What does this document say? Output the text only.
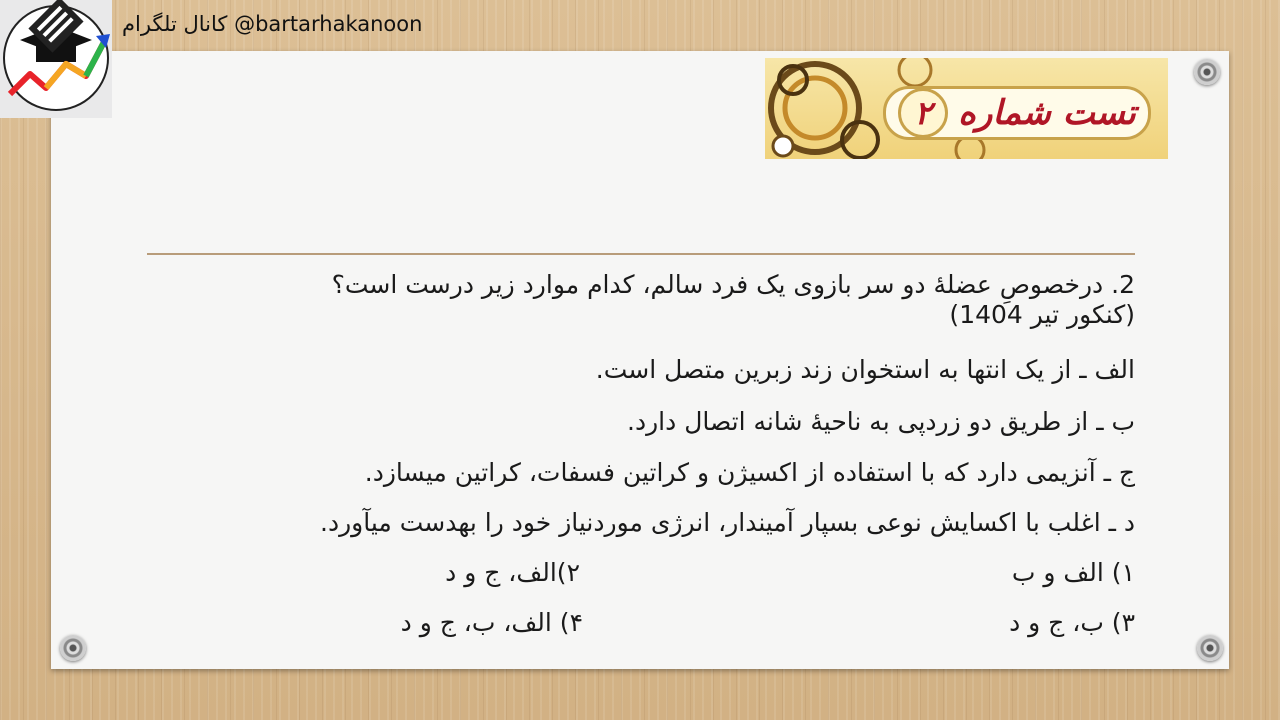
کانال تلگرام @bartarhakanoon
تست شماره
۲
2. درخصوصِ عضلهٔ دو سر بازوی یک فرد سالم، کدام موارد زیر درست است؟(کنکور تیر 1404)
الف ـ از یک انتها به استخوان زند زبرین متصل است.
ب ـ از طریق دو زردپی به ناحیهٔ شانه اتصال دارد.
ج ـ آنزیمی دارد که با استفاده از اکسیژن و کراتین فسفات، کراتین میسازد.
د ـ اغلب با اکسایش نوعی بسپار آمیندار، انرژی موردنیاز خود را بهدست میآورد.
۱) الف و ب
۲)الف، ج و د
۳) ب، ج و د
۴) الف، ب، ج و د
